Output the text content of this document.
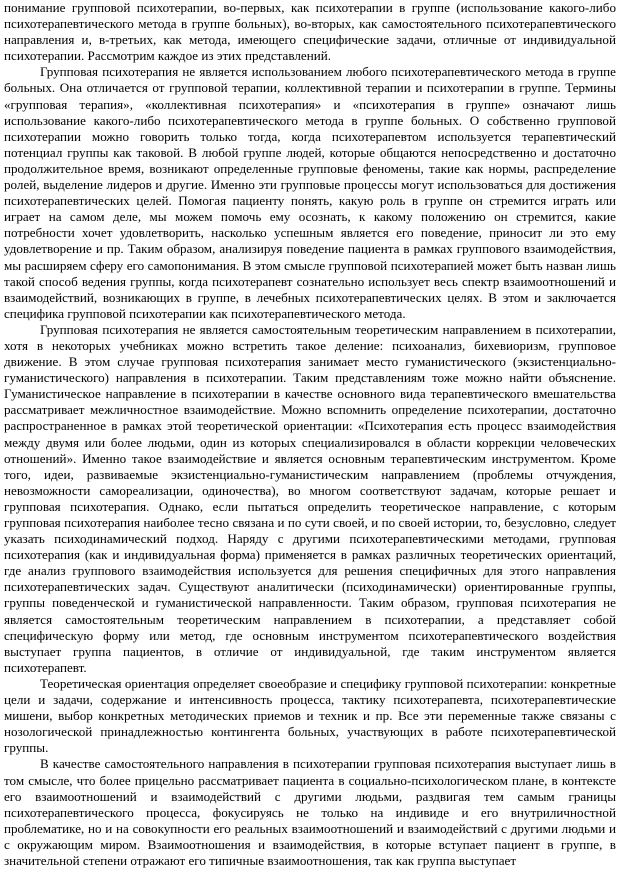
понимание групповой психотерапии, во-первых, как психотерапии в группе (использование какого-либо психотерапевтического метода в группе больных), во-вторых, как самостоятельного психотерапевтического направления и, в-третьих, как метода, имеющего специфические задачи, отличные от индивидуальной психотерапии. Рассмотрим каждое из этих представлений.

Групповая психотерапия не является использованием любого психотерапевтического метода в группе больных. Она отличается от групповой терапии, коллективной терапии и психотерапии в группе. Термины «групповая терапия», «коллективная психотерапия» и «психотерапия в группе» означают лишь использование какого-либо психотерапевтического метода в группе больных. О собственно групповой психотерапии можно говорить только тогда, когда психотерапевтом используется терапевтический потенциал группы как таковой. В любой группе людей, которые общаются непосредственно и достаточно продолжительное время, возникают определенные групповые феномены, такие как нормы, распределение ролей, выделение лидеров и другие. Именно эти групповые процессы могут использоваться для достижения психотерапевтических целей. Помогая пациенту понять, какую роль в группе он стремится играть или играет на самом деле, мы можем помочь ему осознать, к какому положению он стремится, какие потребности хочет удовлетворить, насколько успешным является его поведение, приносит ли это ему удовлетворение и пр. Таким образом, анализируя поведение пациента в рамках группового взаимодействия, мы расширяем сферу его самопонимания. В этом смысле групповой психотерапией может быть назван лишь такой способ ведения группы, когда психотерапевт сознательно использует весь спектр взаимоотношений и взаимодействий, возникающих в группе, в лечебных психотерапевтических целях. В этом и заключается специфика групповой психотерапии как психотерапевтического метода.

Групповая психотерапия не является самостоятельным теоретическим направлением в психотерапии, хотя в некоторых учебниках можно встретить такое деление: психоанализ, бихевиоризм, групповое движение. В этом случае групповая психотерапия занимает место гуманистического (экзистенциально-гуманистического) направления в психотерапии. Таким представлениям тоже можно найти объяснение. Гуманистическое направление в психотерапии в качестве основного вида терапевтического вмешательства рассматривает межличностное взаимодействие. Можно вспомнить определение психотерапии, достаточно распространенное в рамках этой теоретической ориентации: «Психотерапия есть процесс взаимодействия между двумя или более людьми, один из которых специализировался в области коррекции человеческих отношений». Именно такое взаимодействие и является основным терапевтическим инструментом. Кроме того, идеи, развиваемые экзистенциально-гуманистическим направлением (проблемы отчуждения, невозможности самореализации, одиночества), во многом соответствуют задачам, которые решает и групповая психотерапия. Однако, если пытаться определить теоретическое направление, с которым групповая психотерапия наиболее тесно связана и по сути своей, и по своей истории, то, безусловно, следует указать психодинамический подход. Наряду с другими психотерапевтическими методами, групповая психотерапия (как и индивидуальная форма) применяется в рамках различных теоретических ориентаций, где анализ группового взаимодействия используется для решения специфичных для этого направления психотерапевтических задач. Существуют аналитически (психодинамически) ориентированные группы, группы поведенческой и гуманистической направленности. Таким образом, групповая психотерапия не является самостоятельным теоретическим направлением в психотерапии, а представляет собой специфическую форму или метод, где основным инструментом психотерапевтического воздействия выступает группа пациентов, в отличие от индивидуальной, где таким инструментом является психотерапевт.

Теоретическая ориентация определяет своеобразие и специфику групповой психотерапии: конкретные цели и задачи, содержание и интенсивность процесса, тактику психотерапевта, психотерапевтические мишени, выбор конкретных методических приемов и техник и пр. Все эти переменные также связаны с нозологической принадлежностью контингента больных, участвующих в работе психотерапевтической группы.

В качестве самостоятельного направления в психотерапии групповая психотерапия выступает лишь в том смысле, что более прицельно рассматривает пациента в социально-психологическом плане, в контексте его взаимоотношений и взаимодействий с другими людьми, раздвигая тем самым границы психотерапевтического процесса, фокусируясь не только на индивиде и его внутриличностной проблематике, но и на совокупности его реальных взаимоотношений и взаимодействий с другими людьми и с окружающим миром. Взаимоотношения и взаимодействия, в которые вступает пациент в группе, в значительной степени отражают его типичные взаимоотношения, так как группа выступает
